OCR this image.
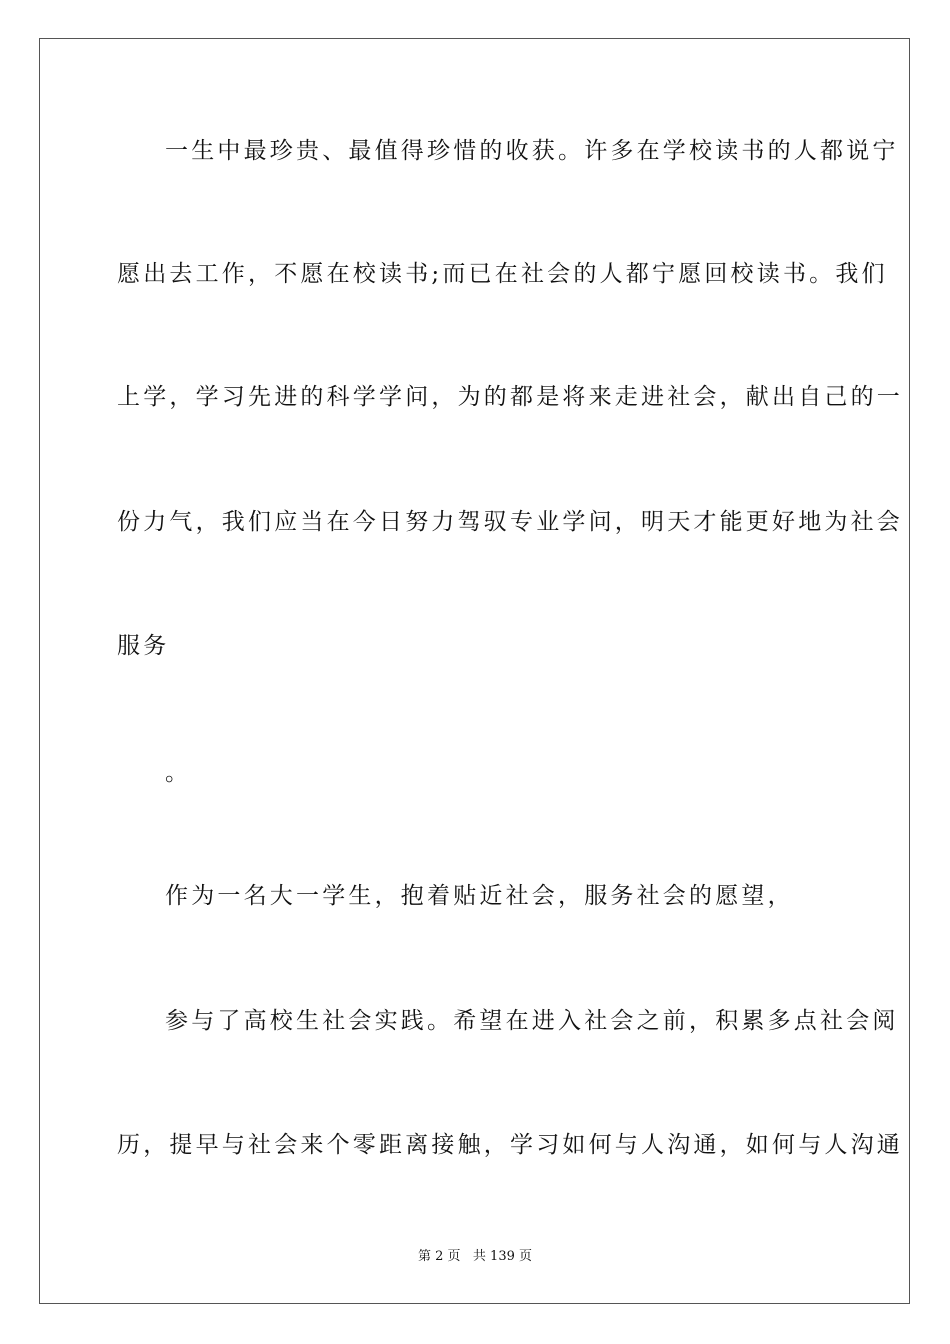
一生中最珍贵、最值得珍惜的收获。许多在学校读书的人都说宁
愿出去工作，不愿在校读书;而已在社会的人都宁愿回校读书。我们
上学，学习先进的科学学问，为的都是将来走进社会，献出自己的一
份力气，我们应当在今日努力驾驭专业学问，明天才能更好地为社会
服务
。
作为一名大一学生，抱着贴近社会，服务社会的愿望，
参与了高校生社会实践。希望在进入社会之前，积累多点社会阅
历，提早与社会来个零距离接触，学习如何与人沟通，如何与人沟通
第 2 页   共 139 页
